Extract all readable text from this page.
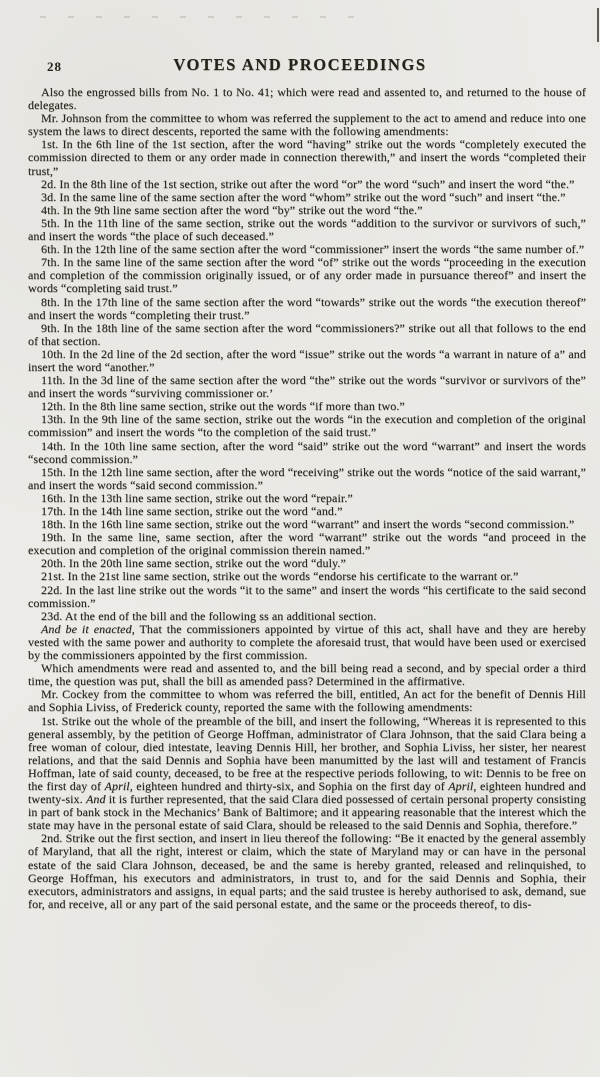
28	VOTES AND PROCEEDINGS

Also the engrossed bills from No. 1 to No. 41; which were read and assented to, and returned to the house of delegates.

Mr. Johnson from the committee to whom was referred the supplement to the act to amend and reduce into one system the laws to direct descents, reported the same with the following amendments:

1st. In the 6th line of the 1st section, after the word “having” strike out the words “completely executed the commission directed to them or any order made in connection therewith,” and insert the words “completed their trust,”

2d. In the 8th line of the 1st section, strike out after the word “or” the word “such” and insert the word “the.”

3d. In the same line of the same section after the word “whom” strike out the word “such” and insert “the.”

4th. In the 9th line same section after the word “by” strike out the word “the.”

5th. In the 11th line of the same section, strike out the words “addition to the survivor or survivors of such,” and insert the words “the place of such deceased.”

6th. In the 12th line of the same section after the word “commissioner” insert the words “the same number of.”

7th. In the same line of the same section after the word “of” strike out the words “proceeding in the execution and completion of the commission originally issued, or of any order made in pursuance thereof” and insert the words “completing said trust.”

8th. In the 17th line of the same section after the word “towards” strike out the words “the execution thereof” and insert the words “completing their trust.”

9th. In the 18th line of the same section after the word “commissioners?” strike out all that follows to the end of that section.

10th. In the 2d line of the 2d section, after the word “issue” strike out the words “a warrant in nature of a” and insert the word “another.”

11th. In the 3d line of the same section after the word “the” strike out the words “survivor or survivors of the” and insert the words “surviving commissioner or.’

12th. In the 8th line same section, strike out the words “if more than two.”

13th. In the 9th line of the same section, strike out the words “in the execution and completion of the original commission” and insert the words “to the completion of the said trust.”

14th. In the 10th line same section, after the word “said” strike out the word “warrant” and insert the words “second commission.”

15th. In the 12th line same section, after the word “receiving” strike out the words “notice of the said warrant,” and insert the words “said second commission.”

16th. In the 13th line same section, strike out the word “repair.”

17th. In the 14th line same section, strike out the word “and.”

18th. In the 16th line same section, strike out the word “warrant” and insert the words “second commission.”

19th. In the same line, same section, after the word “warrant” strike out the words “and proceed in the execution and completion of the original commission therein named.”

20th. In the 20th line same section, strike out the word “duly.”

21st. In the 21st line same section, strike out the words “endorse his certificate to the warrant or.”

22d. In the last line strike out the words “it to the same” and insert the words “his certificate to the said second commission.”

23d. At the end of the bill and the following ss an additional section.

And be it enacted, That the commissioners appointed by virtue of this act, shall have and they are hereby vested with the same power and authority to complete the aforesaid trust, that would have been used or exercised by the commissioners appointed by the first commission.

Which amendments were read and assented to, and the bill being read a second, and by special order a third time, the question was put, shall the bill as amended pass? Determined in the affirmative.

Mr. Cockey from the committee to whom was referred the bill, entitled, An act for the benefit of Dennis Hill and Sophia Liviss, of Frederick county, reported the same with the following amendments:

1st. Strike out the whole of the preamble of the bill, and insert the following, “Whereas it is represented to this general assembly, by the petition of George Hoffman, administrator of Clara Johnson, that the said Clara being a free woman of colour, died intestate, leaving Dennis Hill, her brother, and Sophia Liviss, her sister, her nearest relations, and that the said Dennis and Sophia have been manumitted by the last will and testament of Francis Hoffman, late of said county, deceased, to be free at the respective periods following, to wit: Dennis to be free on the first day of April, eighteen hundred and thirty-six, and Sophia on the first day of April, eighteen hundred and twenty-six. And it is further represented, that the said Clara died possessed of certain personal property consisting in part of bank stock in the Mechanics’ Bank of Baltimore; and it appearing reasonable that the interest which the state may have in the personal estate of said Clara, should be released to the said Dennis and Sophia, therefore.”

2nd. Strike out the first section, and insert in lieu thereof the following: “Be it enacted by the general assembly of Maryland, that all the right, interest or claim, which the state of Maryland may or can have in the personal estate of the said Clara Johnson, deceased, be and the same is hereby granted, released and relinquished, to George Hoffman, his executors and administrators, in trust to, and for the said Dennis and Sophia, their executors, administrators and assigns, in equal parts; and the said trustee is hereby authorised to ask, demand, sue for, and receive, all or any part of the said personal estate, and the same or the proceeds thereof, to dis-
